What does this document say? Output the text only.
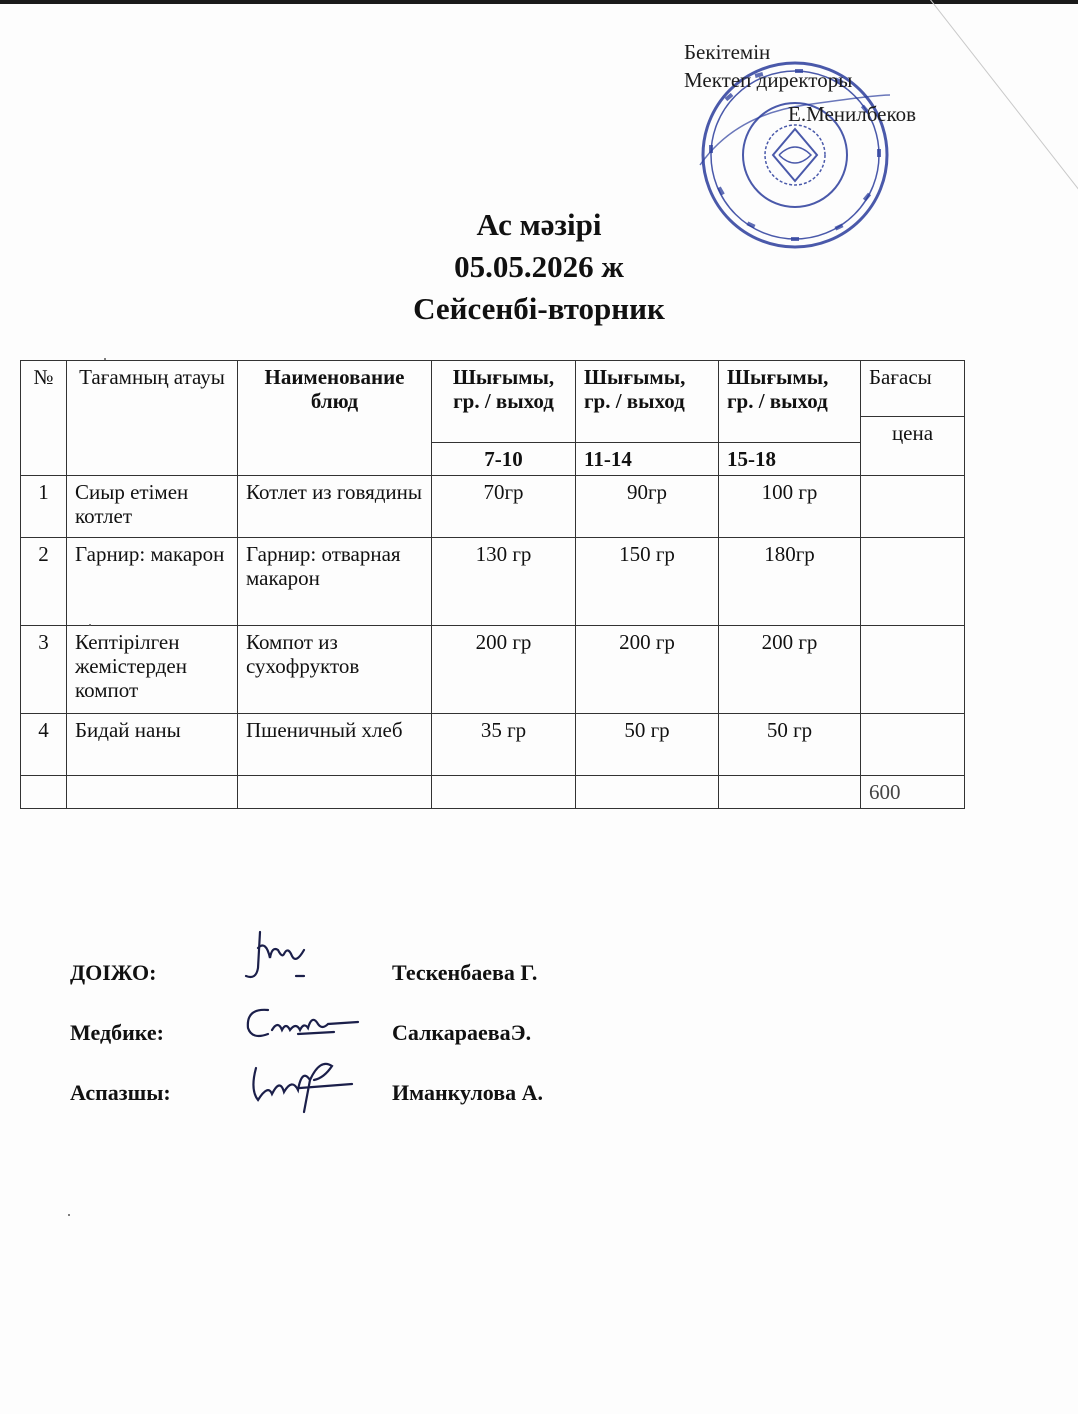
Бекітемін
Мектеп директоры
Е.Менилбеков
Ас мәзірі
05.05.2026 ж
Сейсенбі-вторник
№	Тағамның атауы	Наименование блюд	Шығымы, гр. / выход	Шығымы, гр. / выход	Шығымы, гр. / выход	Бағасы
						цена
			7-10	11-14	15-18	
1	Сиыр етімен котлет	Котлет из говядины	70гр	90гр	100 гр	
2	Гарнир: макарон	Гарнир: отварная макарон	130 гр	150 гр	180гр	
3	Кептірілген жемістерден компот	Компот из сухофруктов	200 гр	200 гр	200 гр	
4	Бидай наны	Пшеничный хлеб	35 гр	50 гр	50 гр	
						600
ДОІЖО:	Тескенбаева Г.
Медбике:	СалкараеваЭ.
Аспазшы:	Иманкулова А.
